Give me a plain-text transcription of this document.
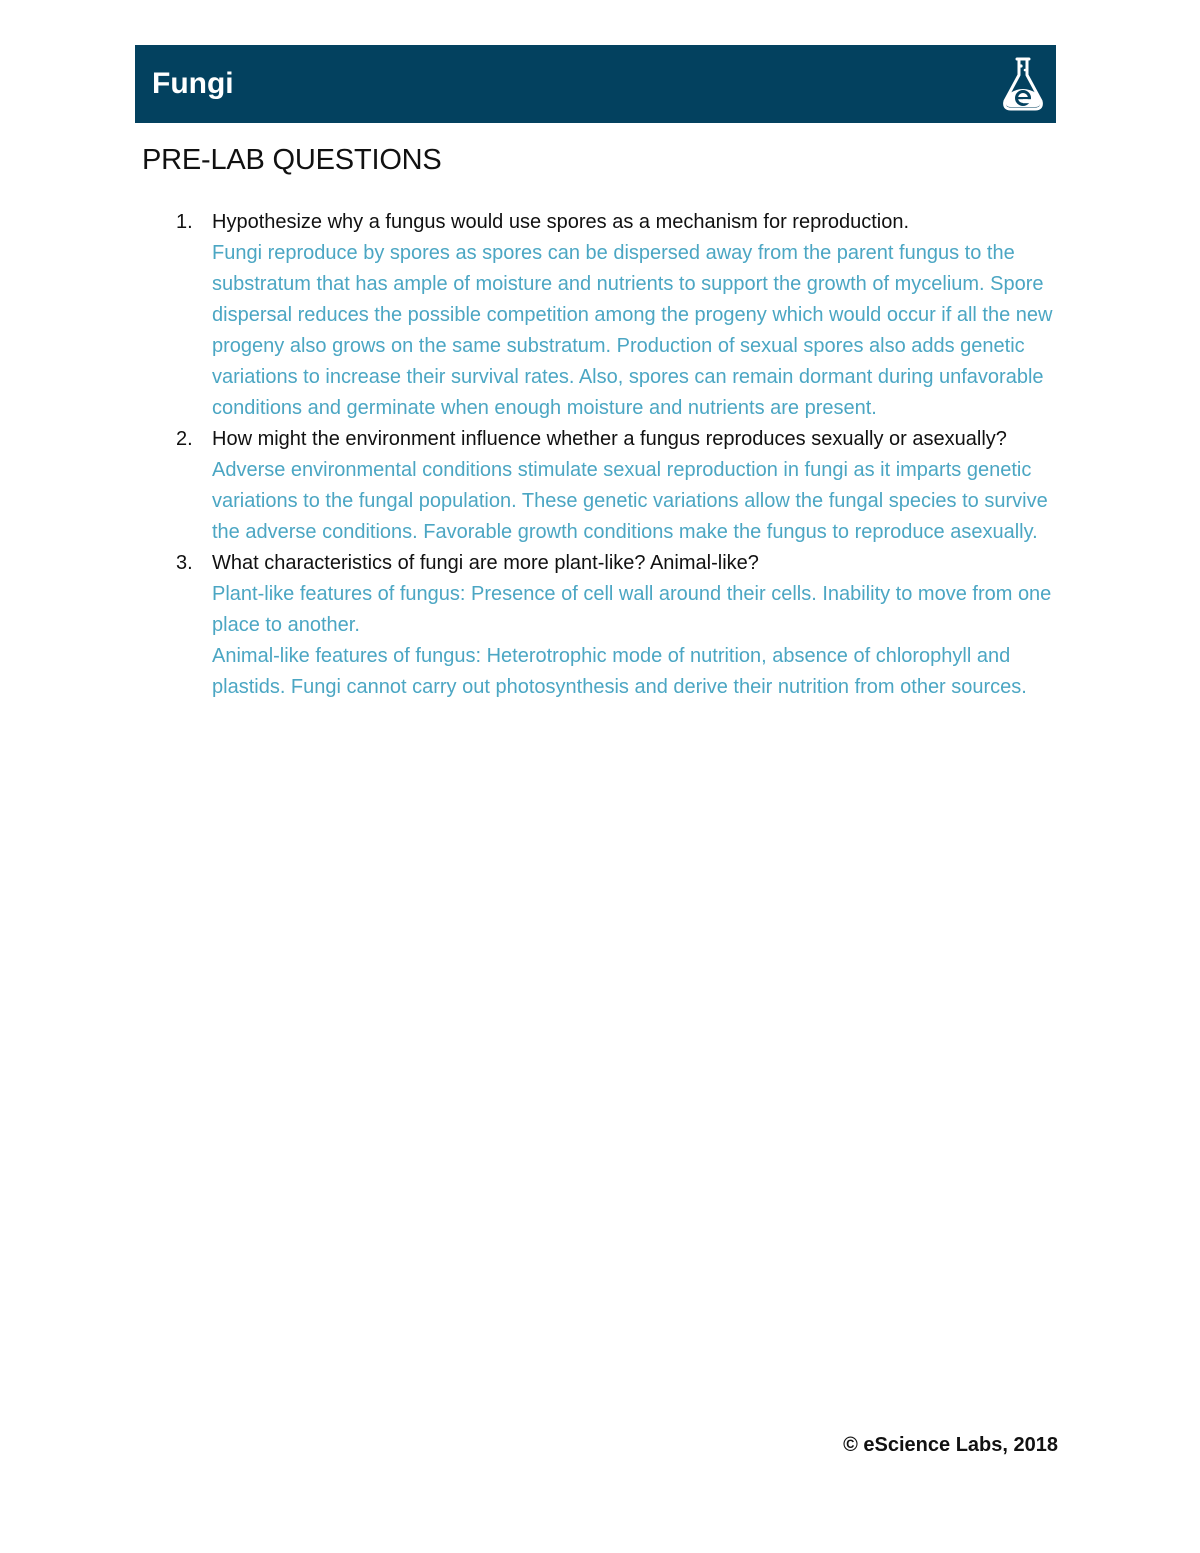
Fungi
PRE-LAB QUESTIONS
1. Hypothesize why a fungus would use spores as a mechanism for reproduction.
Fungi reproduce by spores as spores can be dispersed away from the parent fungus to the substratum that has ample of moisture and nutrients to support the growth of mycelium. Spore dispersal reduces the possible competition among the progeny which would occur if all the new progeny also grows on the same substratum. Production of sexual spores also adds genetic variations to increase their survival rates. Also, spores can remain dormant during unfavorable conditions and germinate when enough moisture and nutrients are present.
2. How might the environment influence whether a fungus reproduces sexually or asexually?
Adverse environmental conditions stimulate sexual reproduction in fungi as it imparts genetic variations to the fungal population. These genetic variations allow the fungal species to survive the adverse conditions. Favorable growth conditions make the fungus to reproduce asexually.
3. What characteristics of fungi are more plant-like? Animal-like?
Plant-like features of fungus: Presence of cell wall around their cells. Inability to move from one place to another.
Animal-like features of fungus: Heterotrophic mode of nutrition, absence of chlorophyll and plastids. Fungi cannot carry out photosynthesis and derive their nutrition from other sources.
© eScience Labs, 2018
